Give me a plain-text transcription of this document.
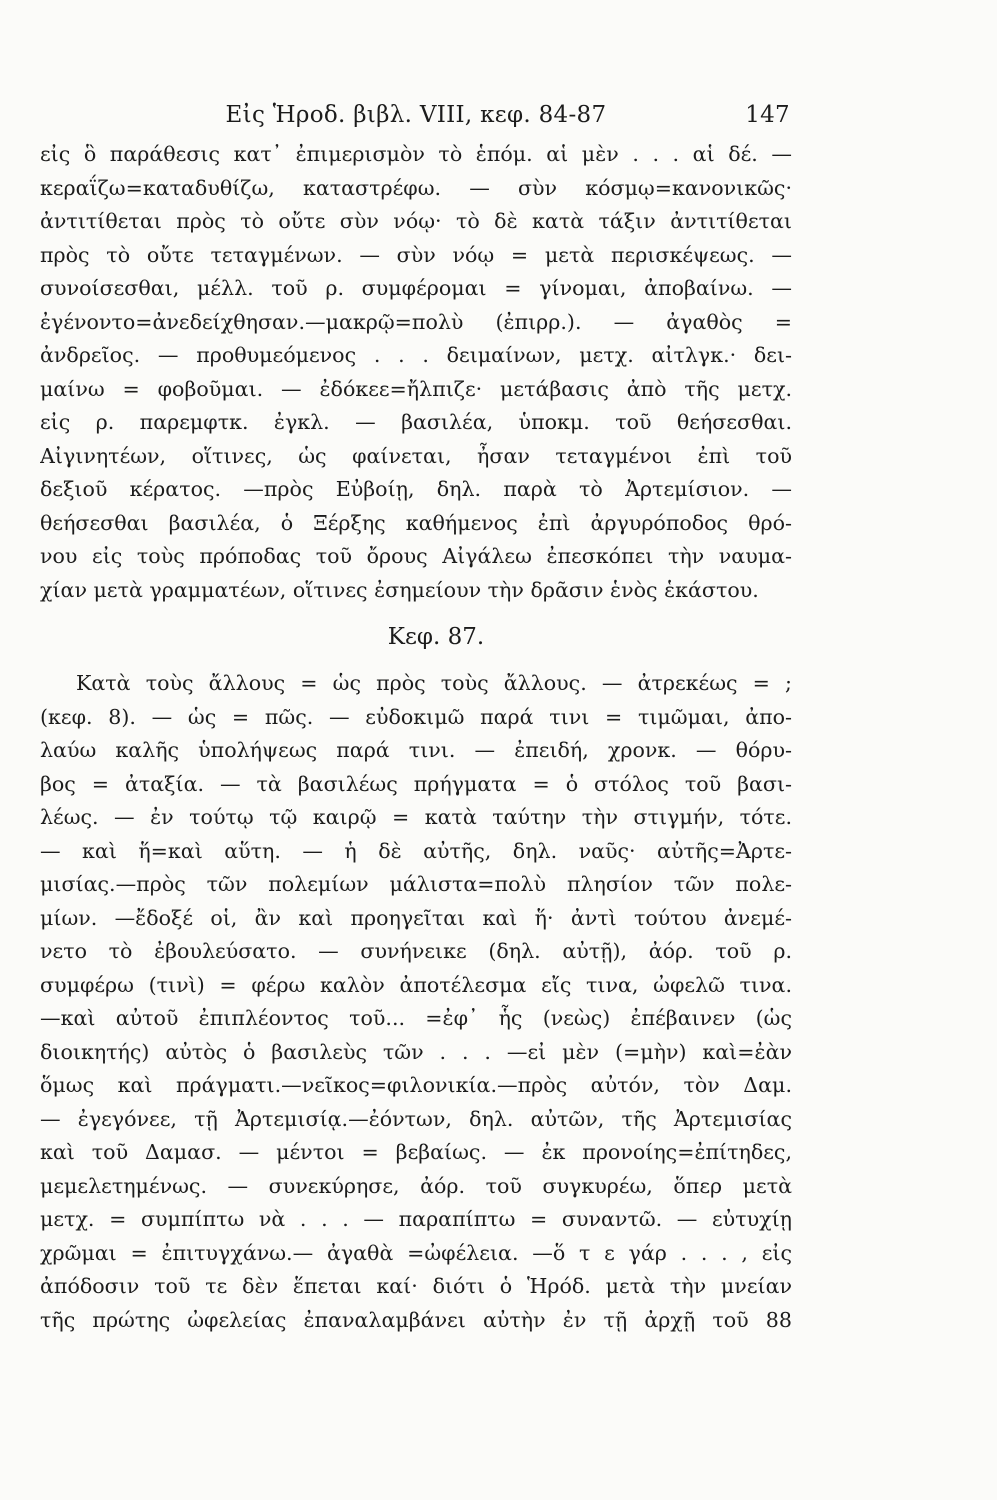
Εἰς Ἡροδ. βιβλ. VIII, κεφ. 84-87	147
εἰς ὃ παράθεσις κατ᾽ ἐπιμερισμὸν τὸ ἑπόμ. αἱ μὲν . . . αἱ δέ. —
κεραΐζω=καταδυθίζω, καταστρέφω. — σὺν κόσμῳ=κανονικῶς·
ἀντιτίθεται πρὸς τὸ οὔτε σὺν νόῳ· τὸ δὲ κατὰ τάξιν ἀντιτίθεται
πρὸς τὸ οὔτε τεταγμένων. — σὺν νόῳ = μετὰ περισκέψεως. —
συνοίσεσθαι, μέλλ. τοῦ ρ. συμφέρομαι = γίνομαι, ἀποβαίνω. —
ἐγένοντο=ἀνεδείχθησαν.—μακρῷ=πολὺ (ἐπιρρ.). — ἀγαθὸς =
ἀνδρεῖος. — προθυμεόμενος . . . δειμαίνων, μετχ. αἰτλγκ.· δει-
μαίνω = φοβοῦμαι. — ἐδόκεε=ἤλπιζε· μετάβασις ἀπὸ τῆς μετχ.
εἰς ρ. παρεμφτκ. ἐγκλ. — βασιλέα, ὑποκμ. τοῦ θεήσεσθαι.
Αἰγινητέων, οἵτινες, ὡς φαίνεται, ἦσαν τεταγμένοι ἐπὶ τοῦ
δεξιοῦ κέρατος. —πρὸς Εὐβοίῃ, δηλ. παρὰ τὸ Ἀρτεμίσιον. —
θεήσεσθαι βασιλέα, ὁ Ξέρξης καθήμενος ἐπὶ ἀργυρόποδος θρό-
νου εἰς τοὺς πρόποδας τοῦ ὄρους Αἰγάλεω ἐπεσκόπει τὴν ναυμα-
χίαν μετὰ γραμματέων, οἵτινες ἐσημείουν τὴν δρᾶσιν ἑνὸς ἑκάστου.
Κεφ. 87.
Κατὰ τοὺς ἄλλους = ὡς πρὸς τοὺς ἄλλους. — ἀτρεκέως = ;
(κεφ. 8). — ὡς = πῶς. — εὐδοκιμῶ παρά τινι = τιμῶμαι, ἀπο-
λαύω καλῆς ὑπολήψεως παρά τινι. — ἐπειδή, χρονκ. — θόρυ-
βος = ἀταξία. — τὰ βασιλέως πρήγματα = ὁ στόλος τοῦ βασι-
λέως. — ἐν τούτῳ τῷ καιρῷ = κατὰ ταύτην τὴν στιγμήν, τότε.
— καὶ ἥ=καὶ αὕτη. — ἡ δὲ αὐτῆς, δηλ. ναῦς· αὐτῆς=Ἀρτε-
μισίας.—πρὸς τῶν πολεμίων μάλιστα=πολὺ πλησίον τῶν πολε-
μίων. —ἔδοξέ οἱ, ἂν καὶ προηγεῖται καὶ ἥ· ἀντὶ τούτου ἀνεμέ-
νετο τὸ ἐβουλεύσατο. — συνήνεικε (δηλ. αὐτῇ), ἀόρ. τοῦ ρ.
συμφέρω (τινὶ) = φέρω καλὸν ἀποτέλεσμα εἴς τινα, ὠφελῶ τινα.
—καὶ αὐτοῦ ἐπιπλέοντος τοῦ... =ἐφ᾽ ἧς (νεὼς) ἐπέβαινεν (ὡς
διοικητής) αὐτὸς ὁ βασιλεὺς τῶν . . . —εἰ μὲν (=μὴν) καὶ=ἐὰν
ὅμως καὶ πράγματι.—νεῖκος=φιλονικία.—πρὸς αὐτόν, τὸν Δαμ.
— ἐγεγόνεε, τῇ Ἀρτεμισίᾳ.—ἐόντων, δηλ. αὐτῶν, τῆς Ἀρτεμισίας
καὶ τοῦ Δαμασ. — μέντοι = βεβαίως. — ἐκ προνοίης=ἐπίτηδες,
μεμελετημένως. — συνεκύρησε, ἀόρ. τοῦ συγκυρέω, ὅπερ μετὰ
μετχ. = συμπίπτω νὰ . . . — παραπίπτω = συναντῶ. — εὐτυχίῃ
χρῶμαι = ἐπιτυγχάνω.— ἀγαθὰ =ὠφέλεια. —ὅ τ ε γάρ . . . , εἰς
ἀπόδοσιν τοῦ τε δὲν ἕπεται καί· διότι ὁ Ἡρόδ. μετὰ τὴν μνείαν
τῆς πρώτης ὠφελείας ἐπαναλαμβάνει αὐτὴν ἐν τῇ ἀρχῇ τοῦ 88
